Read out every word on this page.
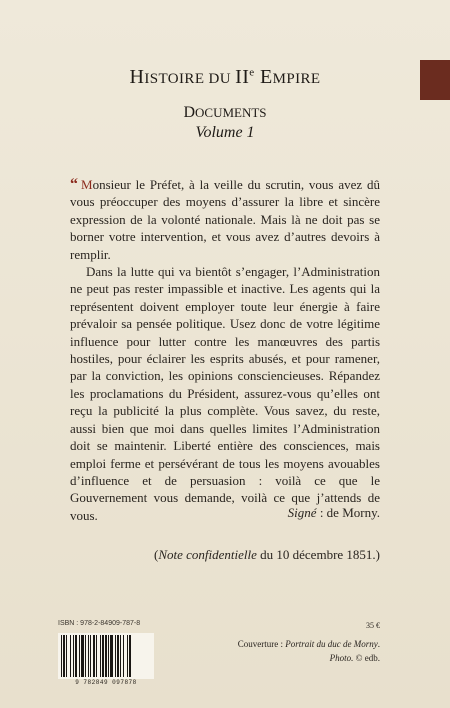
HISTOIRE DU IIe EMPIRE
DOCUMENTS
Volume 1

“ Monsieur le Préfet, à la veille du scrutin, vous avez dû vous préoccuper des moyens d’assurer la libre et sincère expression de la volonté nationale. Mais là ne doit pas se borner votre intervention, et vous avez d’autres devoirs à remplir.

Dans la lutte qui va bientôt s’engager, l’Administration ne peut pas rester impassible et inactive. Les agents qui la représentent doivent employer toute leur énergie à faire prévaloir sa pensée politique. Usez donc de votre légitime influence pour lutter contre les manœuvres des partis hostiles, pour éclairer les esprits abusés, et pour ramener, par la conviction, les opinions consciencieuses. Répandez les proclamations du Président, assurez-vous qu’elles ont reçu la publicité la plus complète. Vous savez, du reste, aussi bien que moi dans quelles limites l’Administration doit se maintenir. Liberté entière des consciences, mais emploi ferme et persévérant de tous les moyens avouables d’influence et de persuasion : voilà ce que le Gouvernement vous demande, voilà ce que j’attends de vous.	Signé : de Morny.
(Note confidentielle du 10 décembre 1851.)
ISBN : 978-2-84909-787-8
9 782849 097878
35 €
Couverture : Portrait du duc de Morny.
Photo. © edb.
